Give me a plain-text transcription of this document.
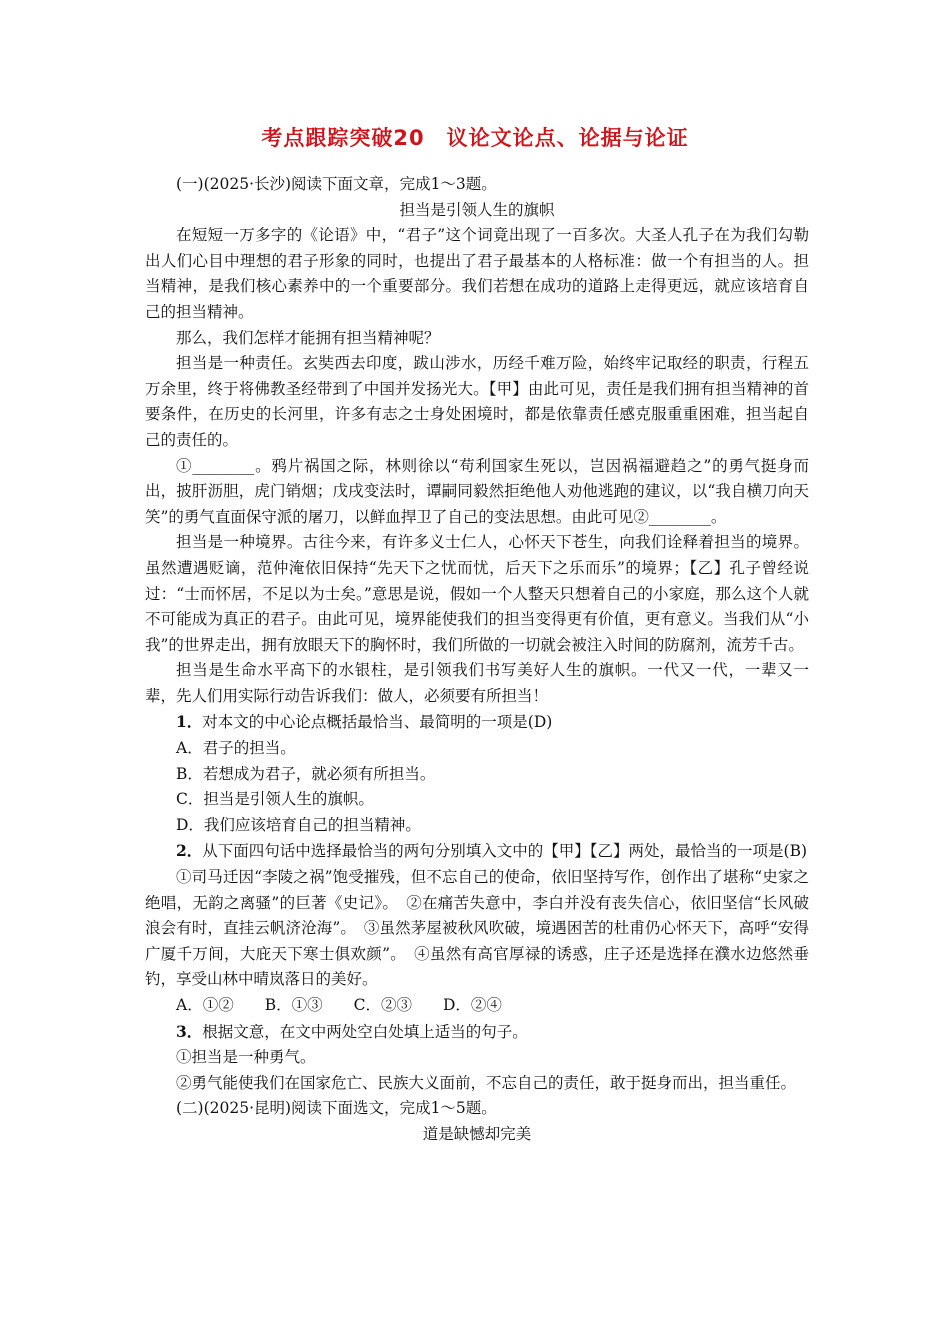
考点跟踪突破20　议论文论点、论据与论证

(一)(2025·长沙)阅读下面文章，完成1～3题。

担当是引领人生的旗帜

在短短一万多字的《论语》中，“君子”这个词竟出现了一百多次。大圣人孔子在为我们勾勒出人们心目中理想的君子形象的同时，也提出了君子最基本的人格标准：做一个有担当的人。担当精神，是我们核心素养中的一个重要部分。我们若想在成功的道路上走得更远，就应该培育自己的担当精神。

那么，我们怎样才能拥有担当精神呢？

担当是一种责任。玄奘西去印度，跋山涉水，历经千难万险，始终牢记取经的职责，行程五万余里，终于将佛教圣经带到了中国并发扬光大。【甲】由此可见，责任是我们拥有担当精神的首要条件，在历史的长河里，许多有志之士身处困境时，都是依靠责任感克服重重困难，担当起自己的责任的。

①________。鸦片祸国之际，林则徐以“苟利国家生死以，岂因祸福避趋之”的勇气挺身而出，披肝沥胆，虎门销烟；戊戌变法时，谭嗣同毅然拒绝他人劝他逃跑的建议，以“我自横刀向天笑”的勇气直面保守派的屠刀，以鲜血捍卫了自己的变法思想。由此可见②________。

担当是一种境界。古往今来，有许多义士仁人，心怀天下苍生，向我们诠释着担当的境界。虽然遭遇贬谪，范仲淹依旧保持“先天下之忧而忧，后天下之乐而乐”的境界；【乙】孔子曾经说过：“士而怀居，不足以为士矣。”意思是说，假如一个人整天只想着自己的小家庭，那么这个人就不可能成为真正的君子。由此可见，境界能使我们的担当变得更有价值，更有意义。当我们从“小我”的世界走出，拥有放眼天下的胸怀时，我们所做的一切就会被注入时间的防腐剂，流芳千古。

担当是生命水平高下的水银柱，是引领我们书写美好人生的旗帜。一代又一代，一辈又一辈，先人们用实际行动告诉我们：做人，必须要有所担当！

1．对本文的中心论点概括最恰当、最简明的一项是(D)

A．君子的担当。

B．若想成为君子，就必须有所担当。

C．担当是引领人生的旗帜。

D．我们应该培育自己的担当精神。

2．从下面四句话中选择最恰当的两句分别填入文中的【甲】【乙】两处，最恰当的一项是(B)

①司马迁因“李陵之祸”饱受摧残，但不忘自己的使命，依旧坚持写作，创作出了堪称“史家之绝唱，无韵之离骚”的巨著《史记》。　②在痛苦失意中，李白并没有丧失信心，依旧坚信“长风破浪会有时，直挂云帆济沧海”。　③虽然茅屋被秋风吹破，境遇困苦的杜甫仍心怀天下，高呼“安得广厦千万间，大庇天下寒士俱欢颜”。　④虽然有高官厚禄的诱惑，庄子还是选择在濮水边悠然垂钓，享受山林中晴岚落日的美好。

A．①②　　B．①③　　C．②③　　D．②④

3．根据文意，在文中两处空白处填上适当的句子。

①担当是一种勇气。

②勇气能使我们在国家危亡、民族大义面前，不忘自己的责任，敢于挺身而出，担当重任。

(二)(2025·昆明)阅读下面选文，完成1～5题。

道是缺憾却完美
